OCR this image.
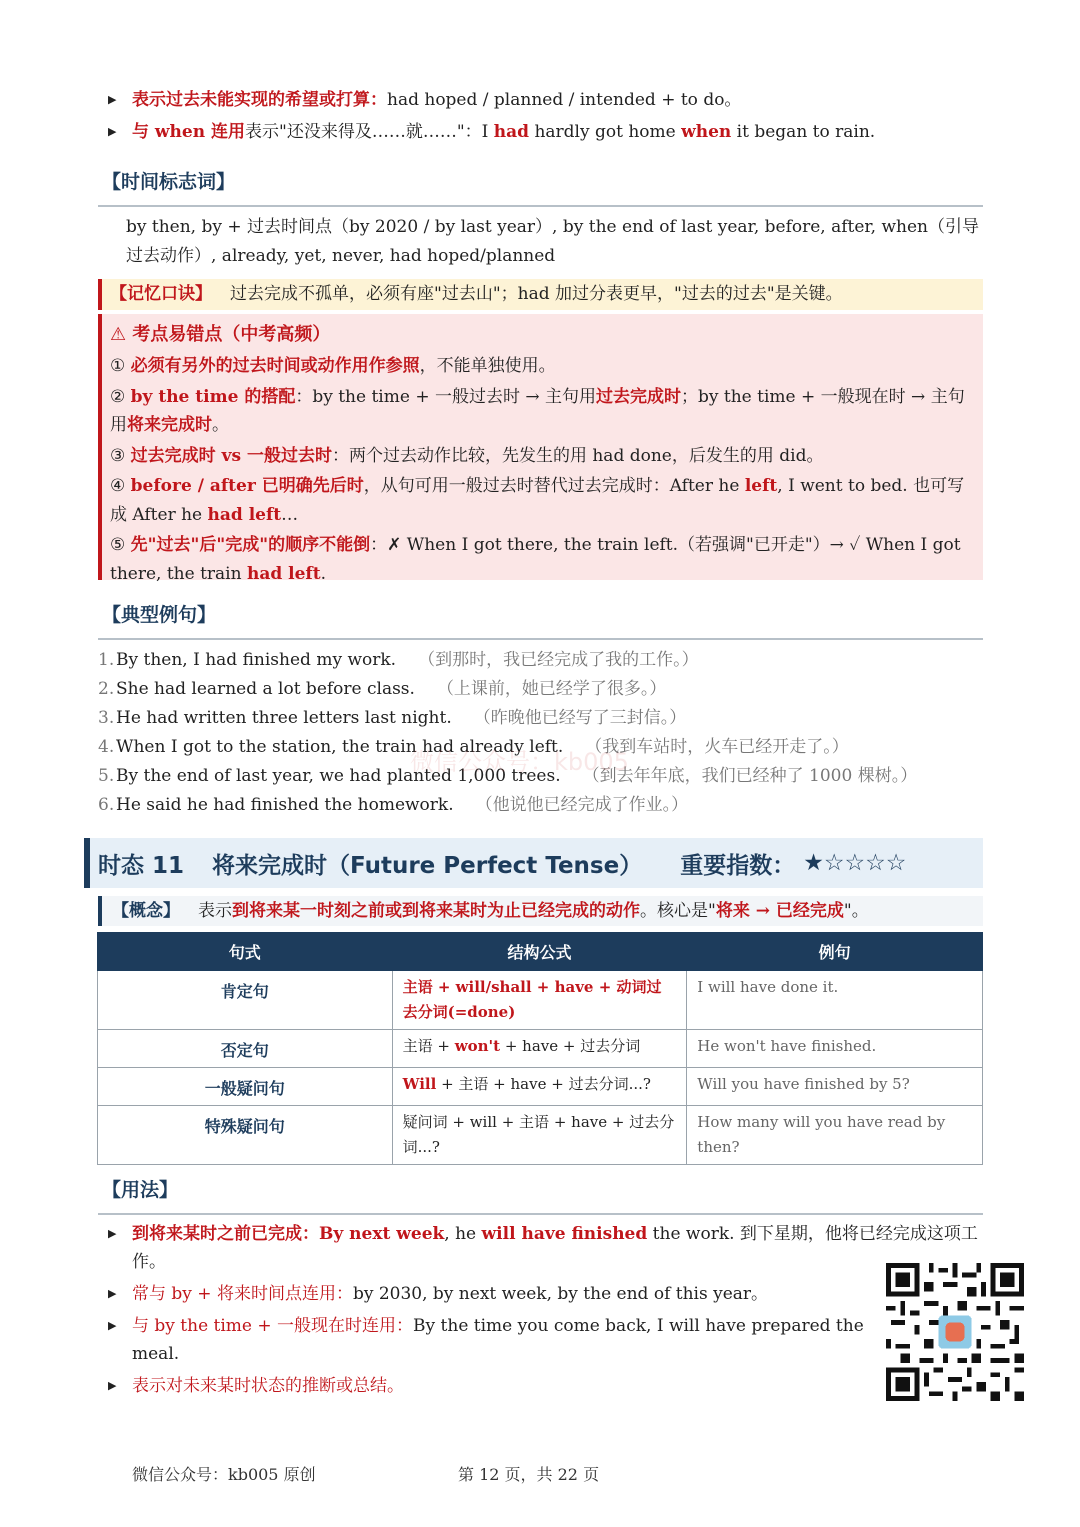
▶ 表示过去未能实现的希望或打算：had hoped / planned / intended + to do。
▶ 与 when 连用表示"还没来得及……就……"：I had hardly got home when it began to rain.
【时间标志词】
by then, by + 过去时间点（by 2020 / by last year）, by the end of last year, before, after, when（引导过去动作）, already, yet, never, had hoped/planned
【记忆口诀】 过去完成不孤单，必须有座"过去山"；had 加过分表更早，"过去的过去"是关键。
⚠ 考点易错点（中考高频）
① 必须有另外的过去时间或动作用作参照，不能单独使用。
② by the time 的搭配：by the time + 一般过去时 → 主句用过去完成时；by the time + 一般现在时 → 主句用将来完成时。
③ 过去完成时 vs 一般过去时：两个过去动作比较，先发生的用 had done，后发生的用 did。
④ before / after 已明确先后时，从句可用一般过去时替代过去完成时：After he left, I went to bed. 也可写成 After he had left…
⑤ 先"过去"后"完成"的顺序不能倒：✗ When I got there, the train left.（若强调"已开走"）→ ✓ When I got there, the train had left.
【典型例句】
1. By then, I had finished my work. （到那时，我已经完成了我的工作。）
2. She had learned a lot before class. （上课前，她已经学了很多。）
3. He had written three letters last night. （昨晚他已经写了三封信。）
4. When I got to the station, the train had already left. （我到车站时，火车已经开走了。）
5. By the end of last year, we had planted 1,000 trees. （到去年年底，我们已经种了 1000 棵树。）
6. He said he had finished the homework. （他说他已经完成了作业。）
微信公众号：kb005
时态 11 将来完成时（Future Perfect Tense） 重要指数： ★☆☆☆☆
【概念】 表示到将来某一时刻之前或到将来某时为止已经完成的动作。核心是"将来 → 已经完成"。
句式	结构公式	例句
肯定句	主语 + will/shall + have + 动词过去分词(=done)	I will have done it.
否定句	主语 + won't + have + 过去分词	He won't have finished.
一般疑问句	Will + 主语 + have + 过去分词...?	Will you have finished by 5?
特殊疑问句	疑问词 + will + 主语 + have + 过去分词...?	How many will you have read by then?
【用法】
▶ 到将来某时之前已完成：By next week, he will have finished the work. 到下星期，他将已经完成这项工作。
▶ 常与 by + 将来时间点连用：by 2030, by next week, by the end of this year。
▶ 与 by the time + 一般现在时连用：By the time you come back, I will have prepared the meal.
▶ 表示对未来某时状态的推断或总结。
微信公众号：kb005 原创	第 12 页，共 22 页
